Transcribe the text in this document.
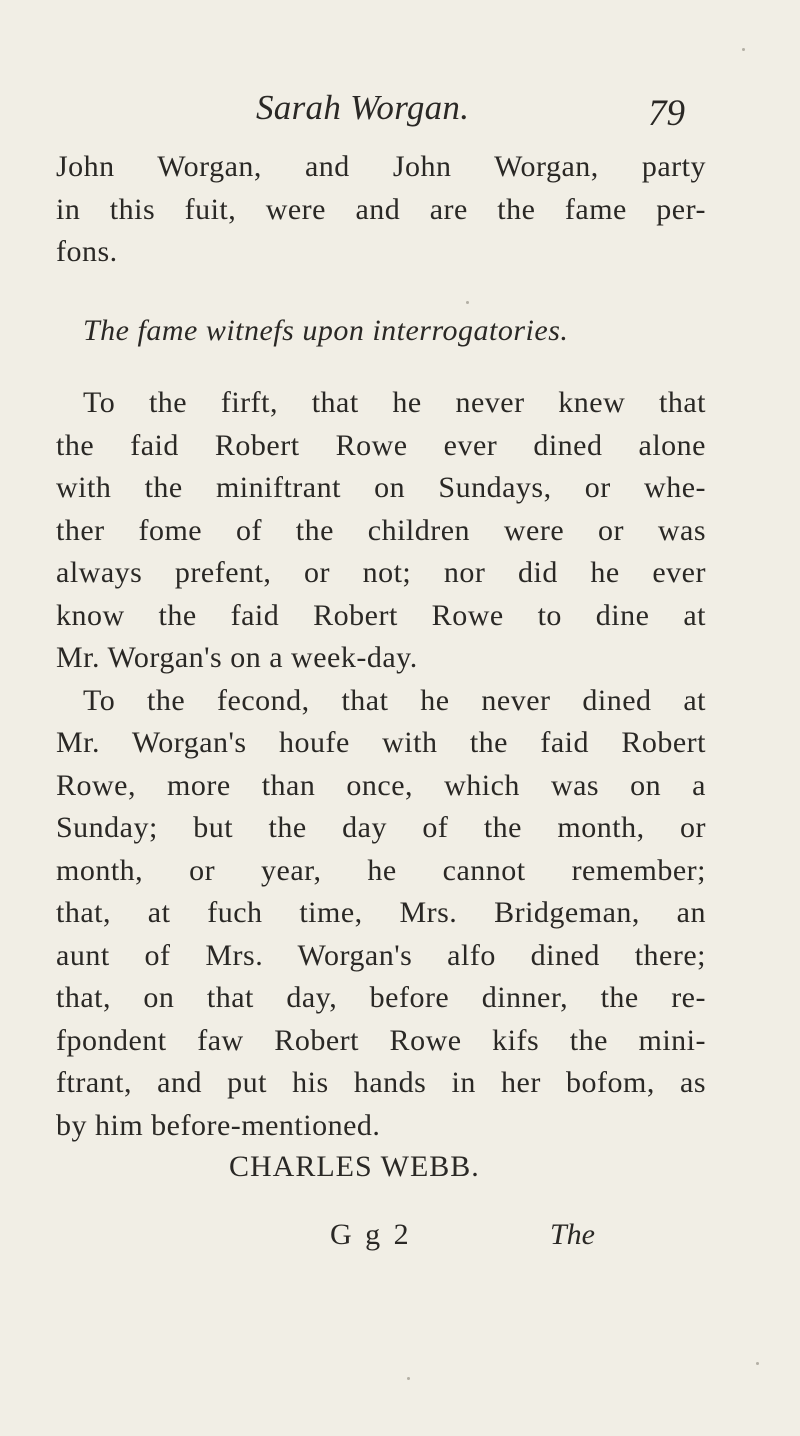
Sarah Worgan.	79
John Worgan, and John Worgan, party
in this fuit, were and are the fame per-
fons.
The fame witnefs upon interrogatories.
To the firft, that he never knew that
the faid Robert Rowe ever dined alone
with the miniftrant on Sundays, or whe-
ther fome of the children were or was
always prefent, or not; nor did he ever
know the faid Robert Rowe to dine at
Mr. Worgan's on a week-day.
To the fecond, that he never dined at
Mr. Worgan's houfe with the faid Robert
Rowe, more than once, which was on a
Sunday; but the day of the month, or
month, or year, he cannot remember;
that, at fuch time, Mrs. Bridgeman, an
aunt of Mrs. Worgan's alfo dined there;
that, on that day, before dinner, the re-
fpondent faw Robert Rowe kifs the mini-
ftrant, and put his hands in her bofom, as
by him before-mentioned.
CHARLES WEBB.
G g 2	The
